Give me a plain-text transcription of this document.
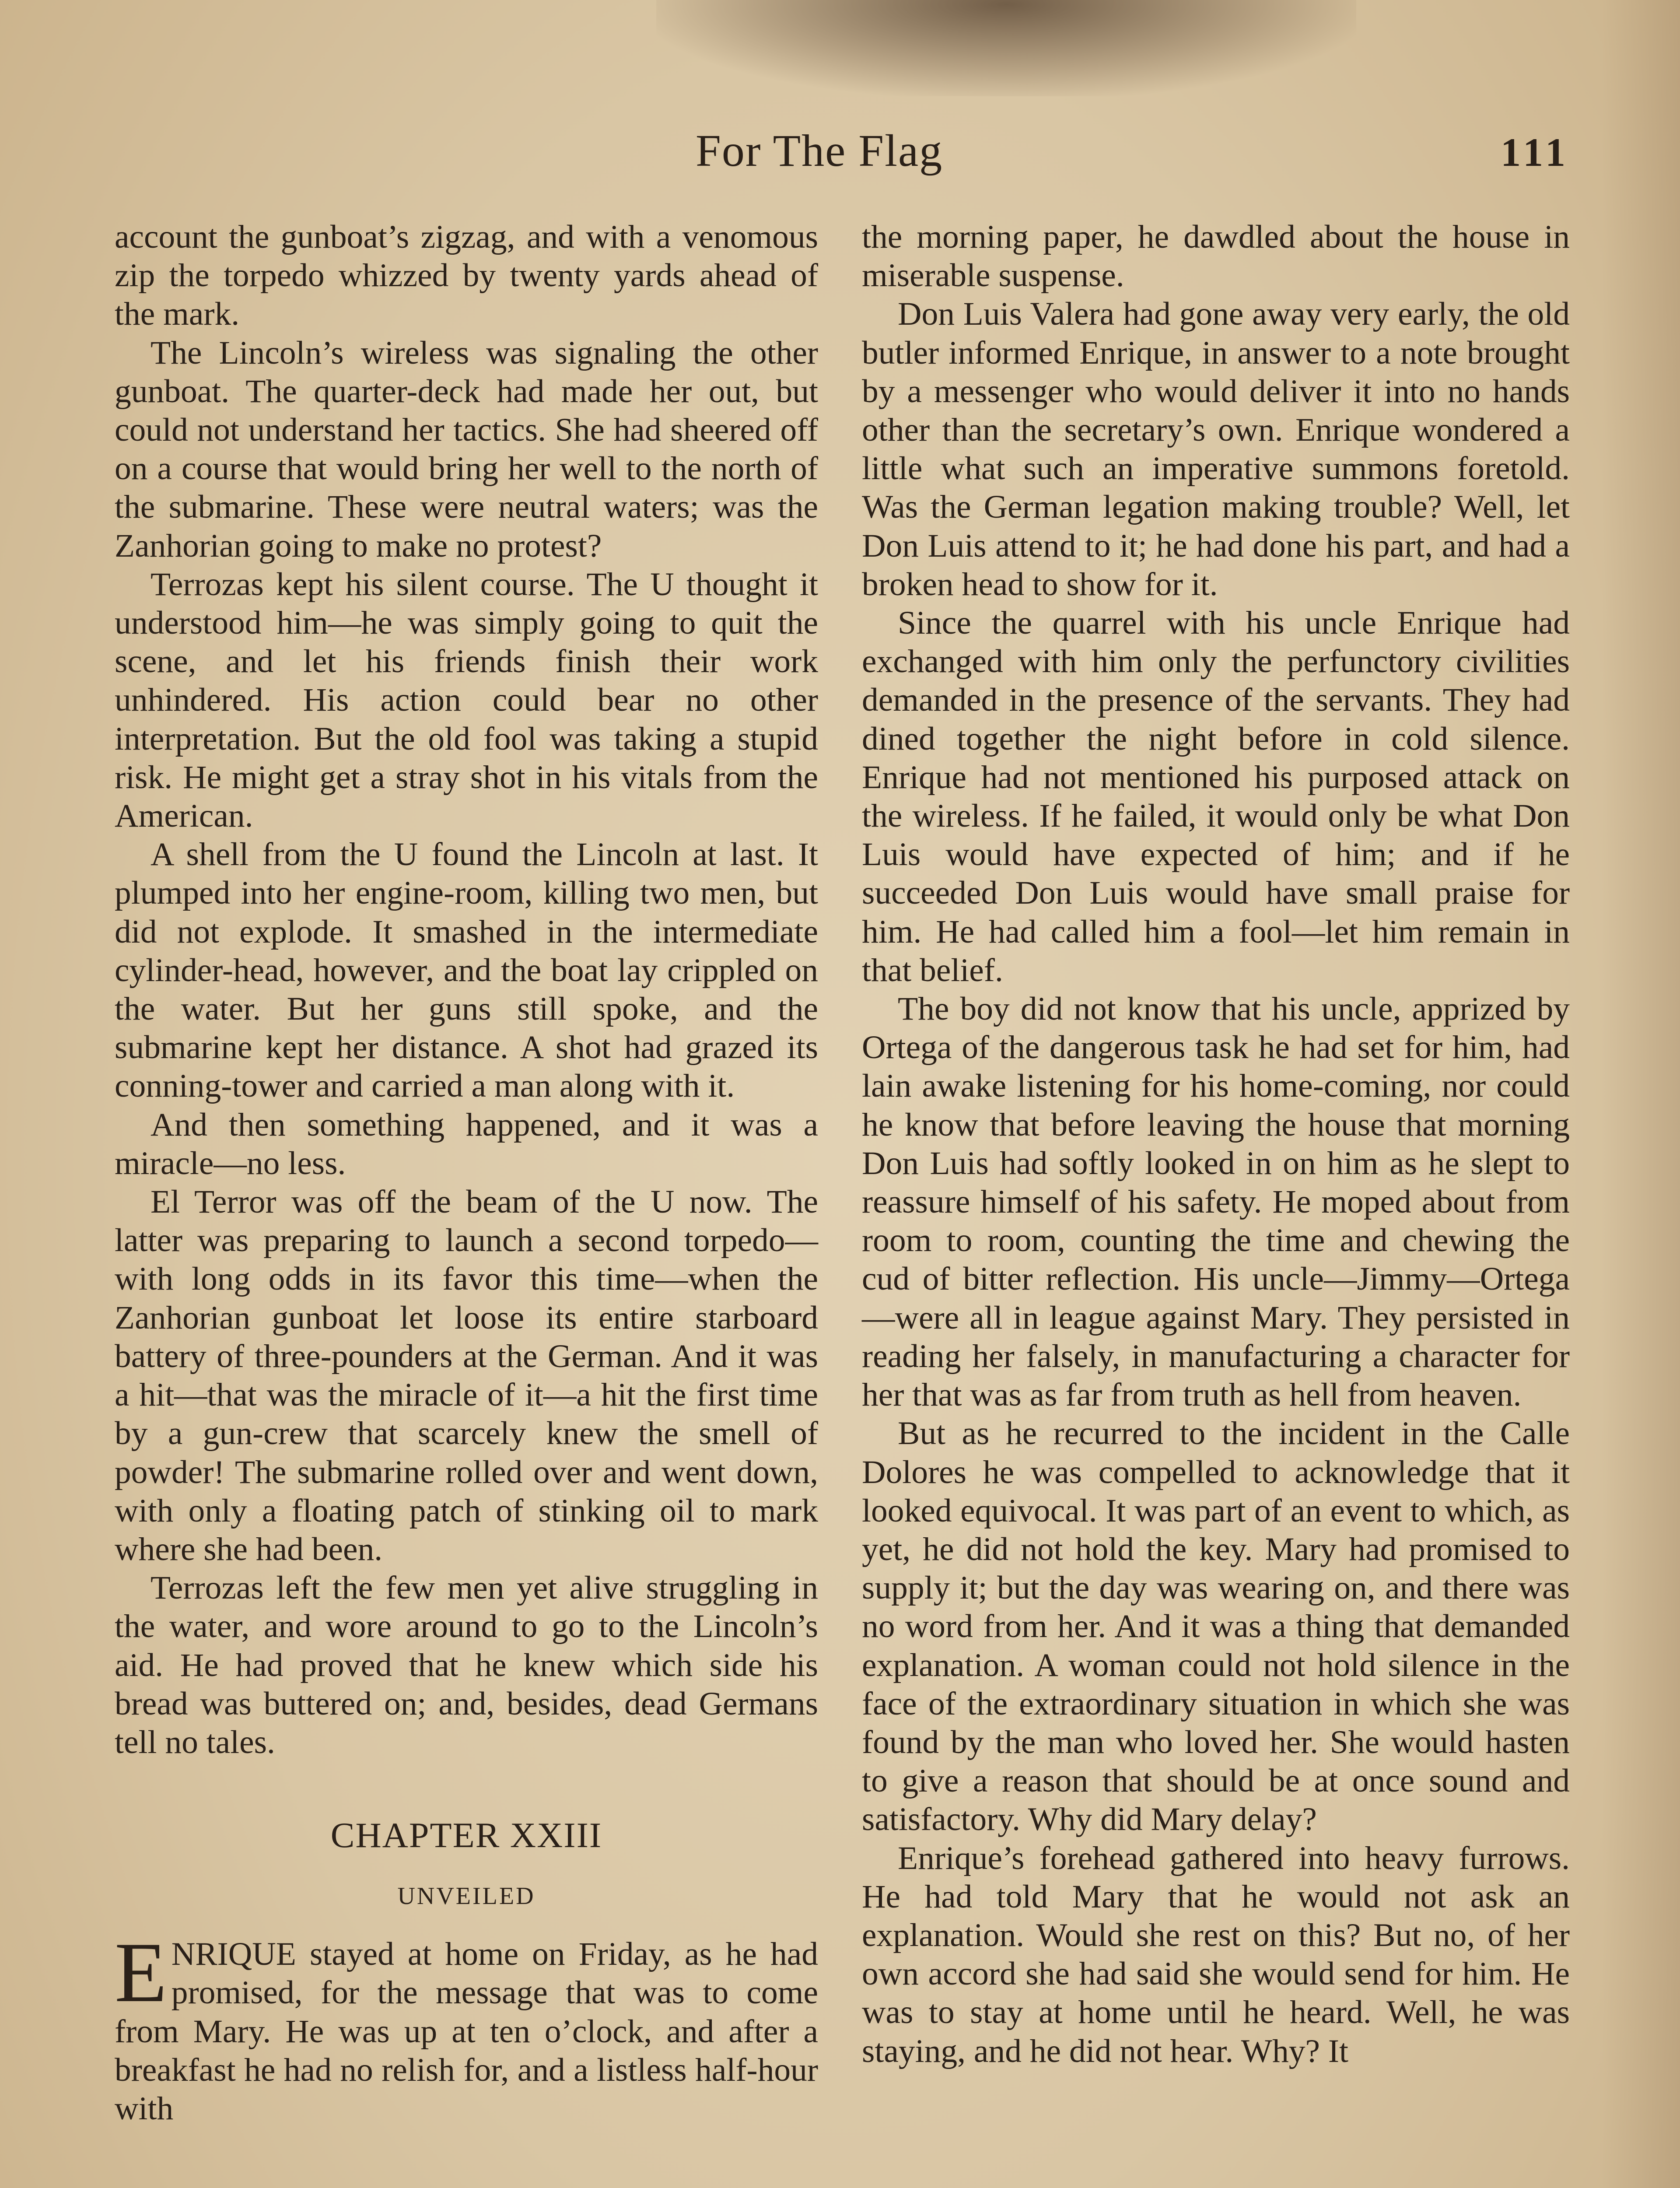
For The Flag	111

account the gunboat’s zigzag, and with a venomous zip the torpedo whizzed by twenty yards ahead of the mark.

The Lincoln’s wireless was signaling the other gunboat. The quarter-deck had made her out, but could not understand her tactics. She had sheered off on a course that would bring her well to the north of the submarine. These were neutral waters; was the Zanhorian going to make no protest?

Terrozas kept his silent course. The U thought it understood him—he was simply going to quit the scene, and let his friends finish their work unhindered. His action could bear no other interpretation. But the old fool was taking a stupid risk. He might get a stray shot in his vitals from the American.

A shell from the U found the Lincoln at last. It plumped into her engine-room, killing two men, but did not explode. It smashed in the intermediate cylinder-head, however, and the boat lay crippled on the water. But her guns still spoke, and the submarine kept her distance. A shot had grazed its conning-tower and carried a man along with it.

And then something happened, and it was a miracle—no less.

El Terror was off the beam of the U now. The latter was preparing to launch a second torpedo—with long odds in its favor this time—when the Zanhorian gunboat let loose its entire starboard battery of three-pounders at the German. And it was a hit—that was the miracle of it—a hit the first time by a gun-crew that scarcely knew the smell of powder! The submarine rolled over and went down, with only a floating patch of stinking oil to mark where she had been.

Terrozas left the few men yet alive struggling in the water, and wore around to go to the Lincoln’s aid. He had proved that he knew which side his bread was buttered on; and, besides, dead Germans tell no tales.

CHAPTER XXIII
UNVEILED

ENRIQUE stayed at home on Friday, as he had promised, for the message that was to come from Mary. He was up at ten o’clock, and after a breakfast he had no relish for, and a listless half-hour with

the morning paper, he dawdled about the house in miserable suspense.

Don Luis Valera had gone away very early, the old butler informed Enrique, in answer to a note brought by a messenger who would deliver it into no hands other than the secretary’s own. Enrique wondered a little what such an imperative summons foretold. Was the German legation making trouble? Well, let Don Luis attend to it; he had done his part, and had a broken head to show for it.

Since the quarrel with his uncle Enrique had exchanged with him only the perfunctory civilities demanded in the presence of the servants. They had dined together the night before in cold silence. Enrique had not mentioned his purposed attack on the wireless. If he failed, it would only be what Don Luis would have expected of him; and if he succeeded Don Luis would have small praise for him. He had called him a fool—let him remain in that belief.

The boy did not know that his uncle, apprized by Ortega of the dangerous task he had set for him, had lain awake listening for his home-coming, nor could he know that before leaving the house that morning Don Luis had softly looked in on him as he slept to reassure himself of his safety. He moped about from room to room, counting the time and chewing the cud of bitter reflection. His uncle—Jimmy—Ortega—were all in league against Mary. They persisted in reading her falsely, in manufacturing a character for her that was as far from truth as hell from heaven.

But as he recurred to the incident in the Calle Dolores he was compelled to acknowledge that it looked equivocal. It was part of an event to which, as yet, he did not hold the key. Mary had promised to supply it; but the day was wearing on, and there was no word from her. And it was a thing that demanded explanation. A woman could not hold silence in the face of the extraordinary situation in which she was found by the man who loved her. She would hasten to give a reason that should be at once sound and satisfactory. Why did Mary delay?

Enrique’s forehead gathered into heavy furrows. He had told Mary that he would not ask an explanation. Would she rest on this? But no, of her own accord she had said she would send for him. He was to stay at home until he heard. Well, he was staying, and he did not hear. Why? It
